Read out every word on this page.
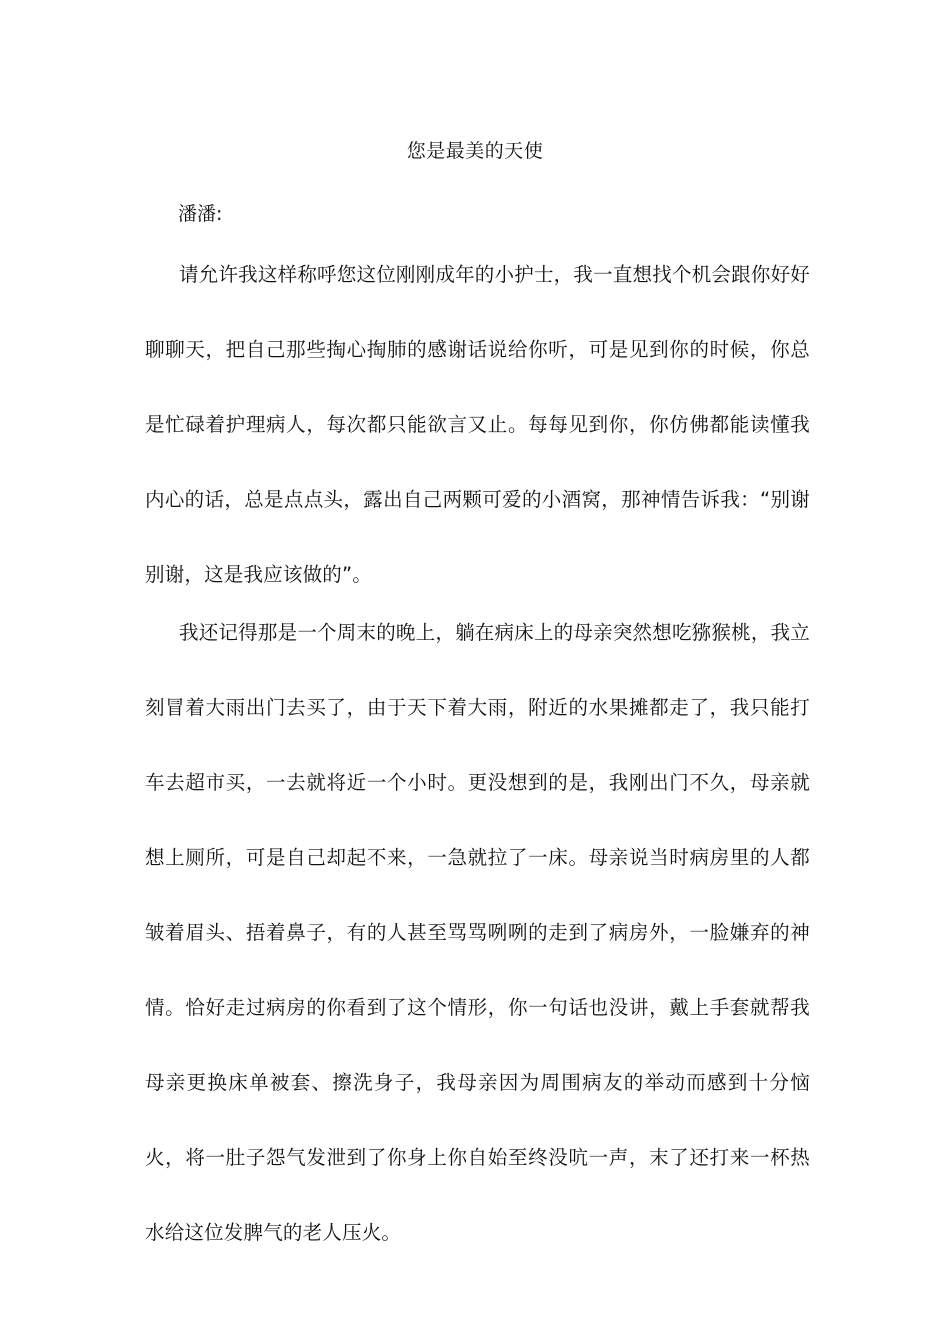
您是最美的天使

潘潘:

请允许我这样称呼您这位刚刚成年的小护士，我一直想找个机会跟你好好聊聊天，把自己那些掏心掏肺的感谢话说给你听，可是见到你的时候，你总是忙碌着护理病人，每次都只能欲言又止。每每见到你，你仿佛都能读懂我内心的话，总是点点头，露出自己两颗可爱的小酒窝，那神情告诉我：“别谢别谢，这是我应该做的”。

我还记得那是一个周末的晚上，躺在病床上的母亲突然想吃猕猴桃，我立刻冒着大雨出门去买了，由于天下着大雨，附近的水果摊都走了，我只能打车去超市买，一去就将近一个小时。更没想到的是，我刚出门不久，母亲就想上厕所，可是自己却起不来，一急就拉了一床。母亲说当时病房里的人都皱着眉头、捂着鼻子，有的人甚至骂骂咧咧的走到了病房外，一脸嫌弃的神情。恰好走过病房的你看到了这个情形，你一句话也没讲，戴上手套就帮我母亲更换床单被套、擦洗身子，我母亲因为周围病友的举动而感到十分恼火，将一肚子怨气发泄到了你身上你自始至终没吭一声，末了还打来一杯热水给这位发脾气的老人压火。
